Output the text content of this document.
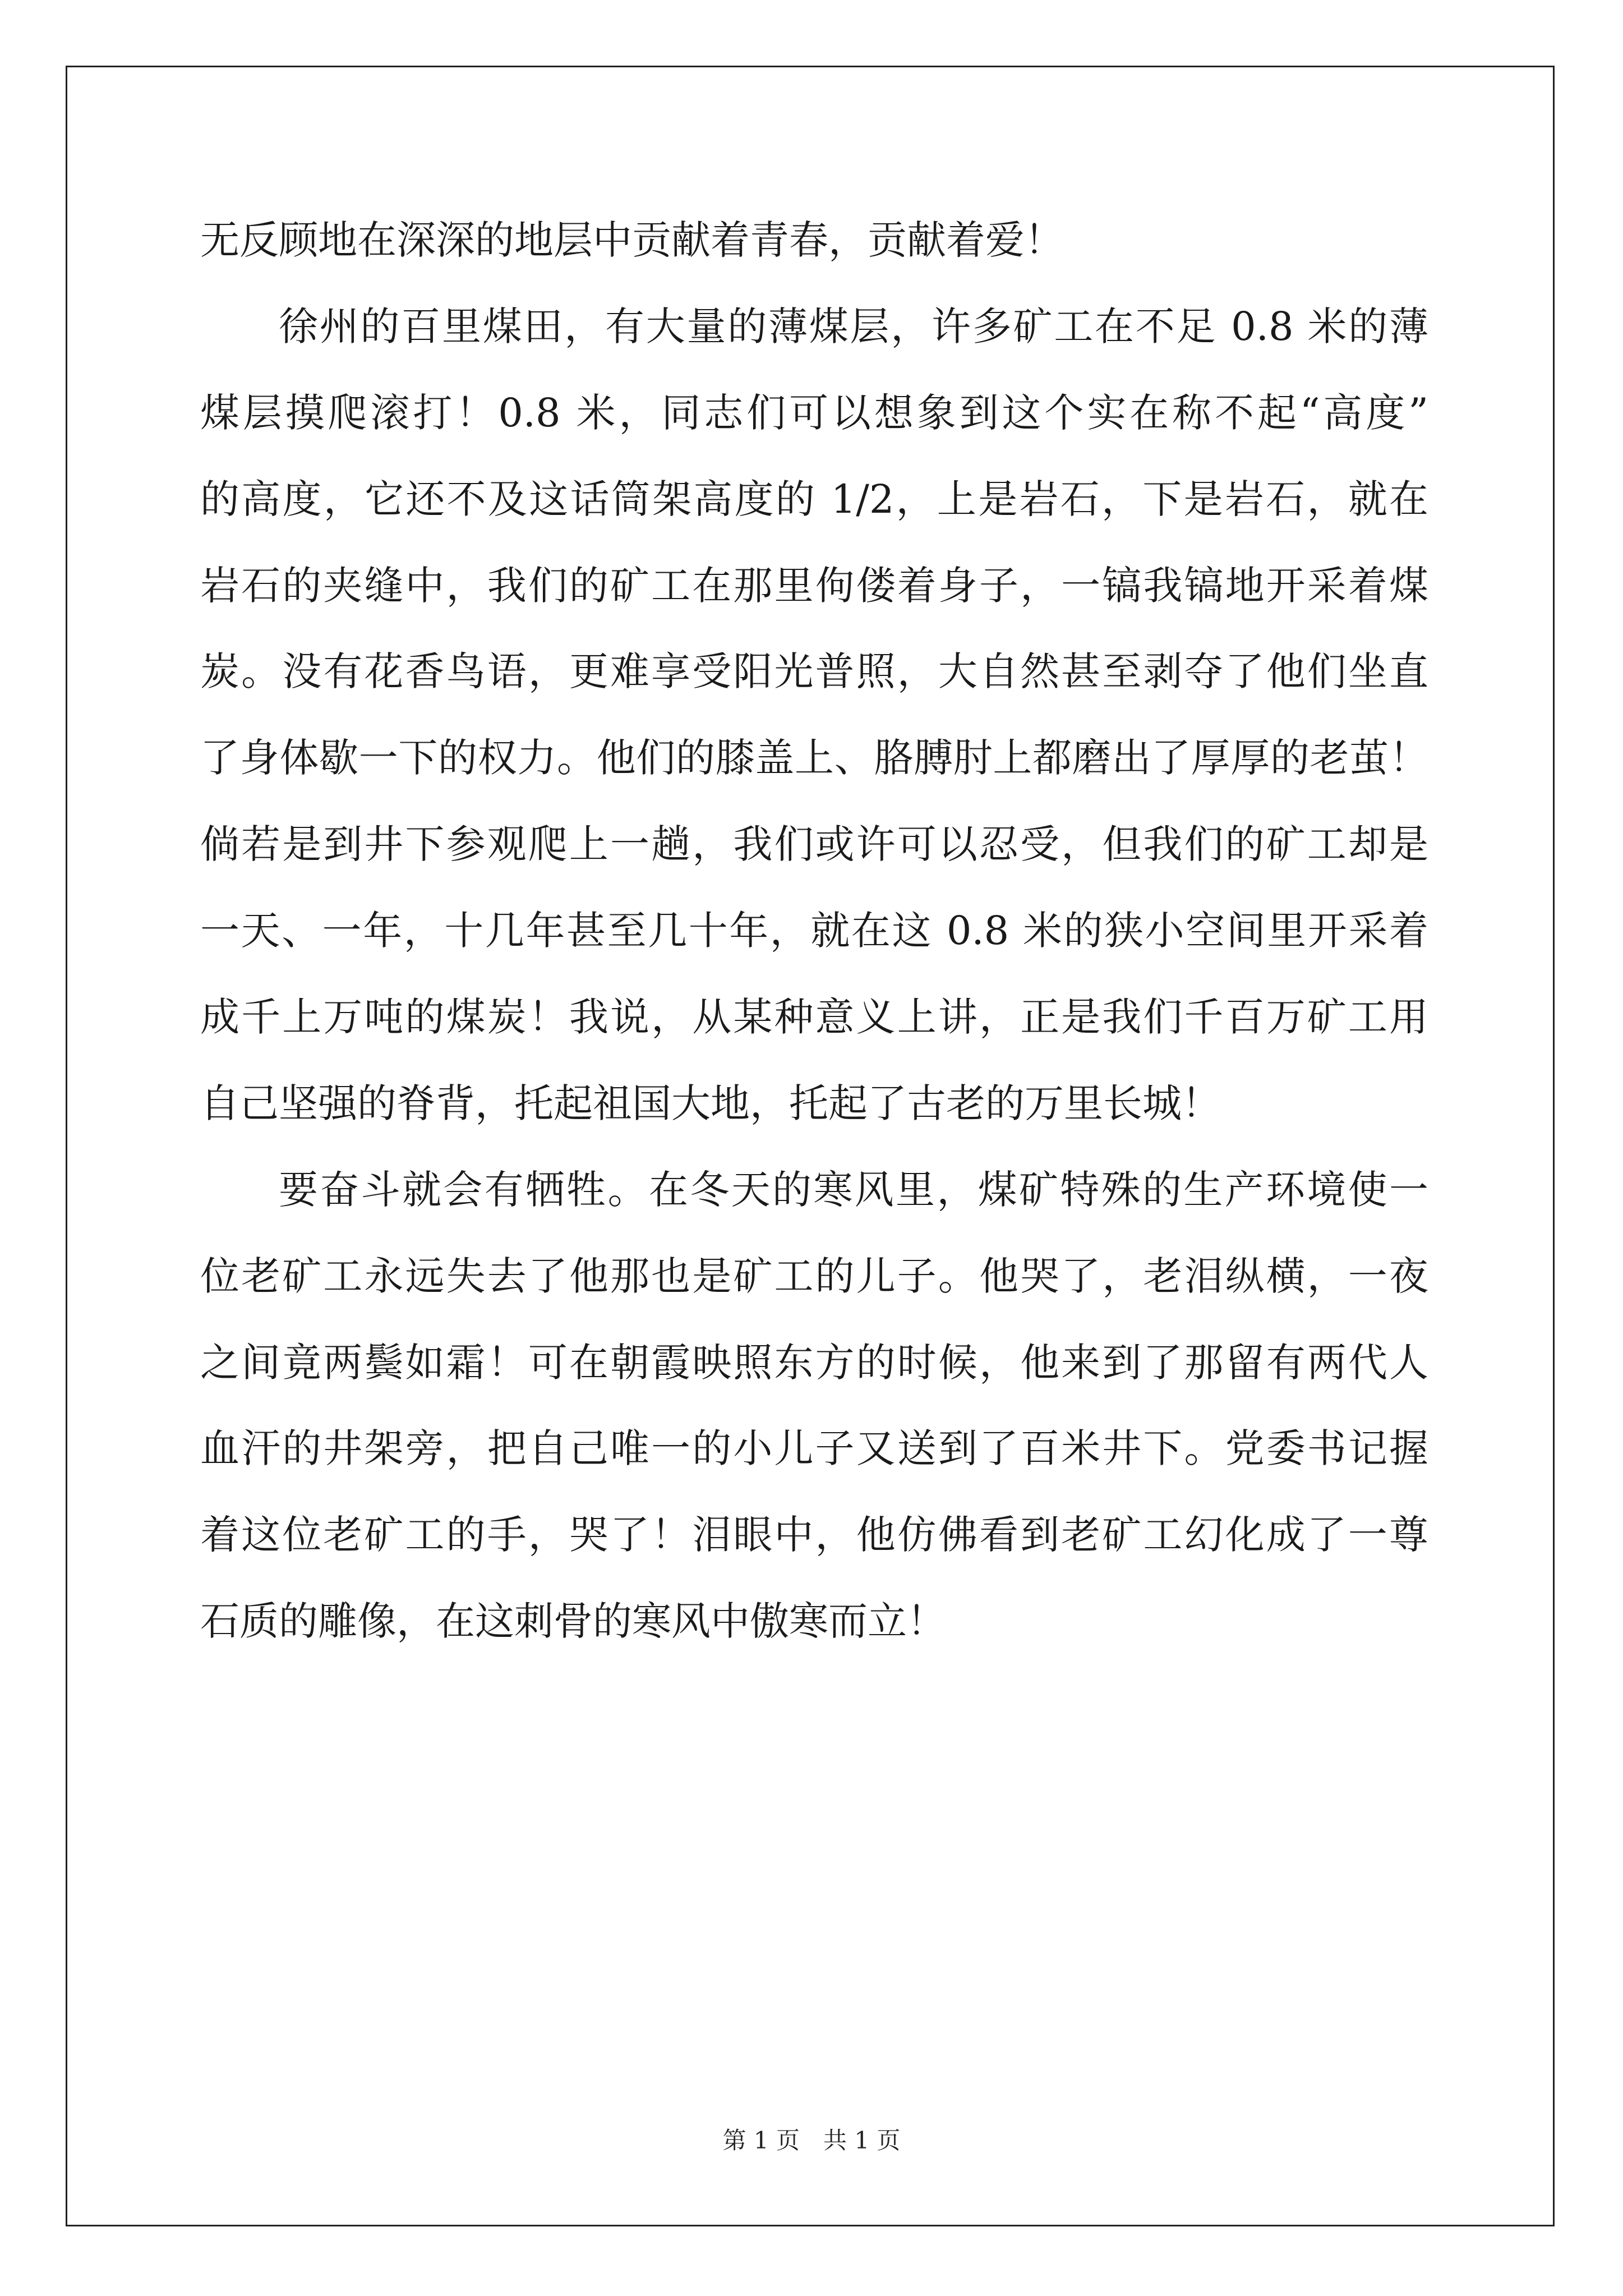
无反顾地在深深的地层中贡献着青春，贡献着爱！
徐州的百里煤田，有大量的薄煤层，许多矿工在不足 0.8 米的薄
煤层摸爬滚打！0.8 米，同志们可以想象到这个实在称不起“高度”
的高度，它还不及这话筒架高度的 1/2，上是岩石，下是岩石，就在
岩石的夹缝中，我们的矿工在那里佝偻着身子，一镐我镐地开采着煤
炭。没有花香鸟语，更难享受阳光普照，大自然甚至剥夺了他们坐直
了身体歇一下的权力。他们的膝盖上、胳膊肘上都磨出了厚厚的老茧！
倘若是到井下参观爬上一趟，我们或许可以忍受，但我们的矿工却是
一天、一年，十几年甚至几十年，就在这 0.8 米的狭小空间里开采着
成千上万吨的煤炭！我说，从某种意义上讲，正是我们千百万矿工用
自己坚强的脊背，托起祖国大地，托起了古老的万里长城！
要奋斗就会有牺牲。在冬天的寒风里，煤矿特殊的生产环境使一
位老矿工永远失去了他那也是矿工的儿子。他哭了，老泪纵横，一夜
之间竟两鬓如霜！可在朝霞映照东方的时候，他来到了那留有两代人
血汗的井架旁，把自己唯一的小儿子又送到了百米井下。党委书记握
着这位老矿工的手，哭了！泪眼中，他仿佛看到老矿工幻化成了一尊
石质的雕像，在这刺骨的寒风中傲寒而立！
第 1 页　共 1 页
